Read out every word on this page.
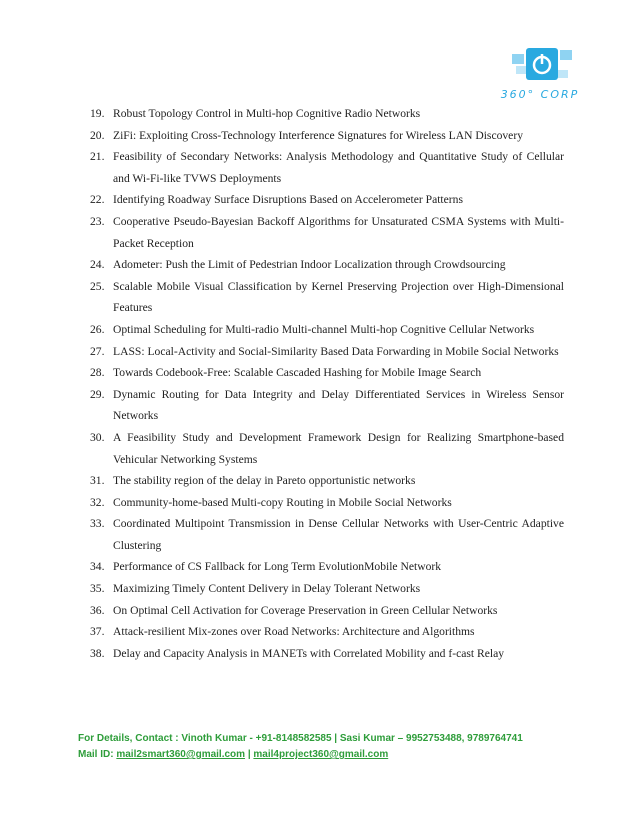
360° CORP
19. Robust Topology Control in Multi-hop Cognitive Radio Networks
20. ZiFi: Exploiting Cross-Technology Interference Signatures for Wireless LAN Discovery
21. Feasibility of Secondary Networks: Analysis Methodology and Quantitative Study of Cellular and Wi-Fi-like TVWS Deployments
22. Identifying Roadway Surface Disruptions Based on Accelerometer Patterns
23. Cooperative Pseudo-Bayesian Backoff Algorithms for Unsaturated CSMA Systems with Multi-Packet Reception
24. Adometer: Push the Limit of Pedestrian Indoor Localization through Crowdsourcing
25. Scalable Mobile Visual Classification by Kernel Preserving Projection over High-Dimensional Features
26. Optimal Scheduling for Multi-radio Multi-channel Multi-hop Cognitive Cellular Networks
27. LASS: Local-Activity and Social-Similarity Based Data Forwarding in Mobile Social Networks
28. Towards Codebook-Free: Scalable Cascaded Hashing for Mobile Image Search
29. Dynamic Routing for Data Integrity and Delay Differentiated Services in Wireless Sensor Networks
30. A Feasibility Study and Development Framework Design for Realizing Smartphone-based Vehicular Networking Systems
31. The stability region of the delay in Pareto opportunistic networks
32. Community-home-based Multi-copy Routing in Mobile Social Networks
33. Coordinated Multipoint Transmission in Dense Cellular Networks with User-Centric Adaptive Clustering
34. Performance of CS Fallback for Long Term EvolutionMobile Network
35. Maximizing Timely Content Delivery in Delay Tolerant Networks
36. On Optimal Cell Activation for Coverage Preservation in Green Cellular Networks
37. Attack-resilient Mix-zones over Road Networks: Architecture and Algorithms
38. Delay and Capacity Analysis in MANETs with Correlated Mobility and f-cast Relay
For Details, Contact : Vinoth Kumar - +91-8148582585 | Sasi Kumar – 9952753488, 9789764741
Mail ID: mail2smart360@gmail.com | mail4project360@gmail.com
